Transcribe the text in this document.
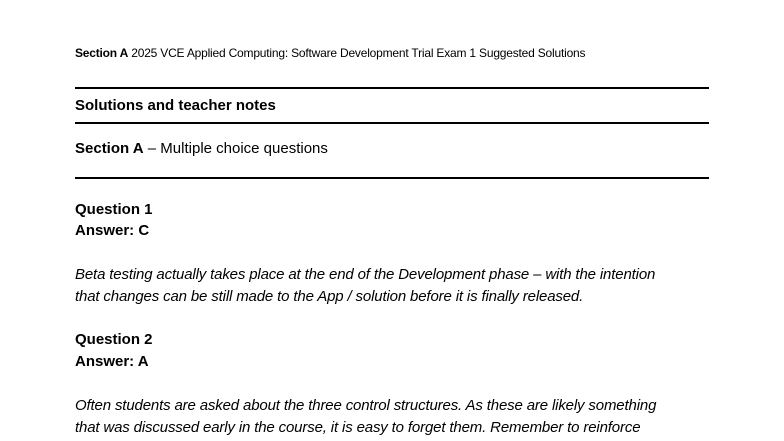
Section A 2025 VCE Applied Computing: Software Development Trial Exam 1 Suggested Solutions
Solutions and teacher notes
Section A – Multiple choice questions
Question 1
Answer: C
Beta testing actually takes place at the end of the Development phase – with the intention
that changes can be still made to the App / solution before it is finally released.
Question 2
Answer: A
Often students are asked about the three control structures. As these are likely something
that was discussed early in the course, it is easy to forget them. Remember to reinforce
